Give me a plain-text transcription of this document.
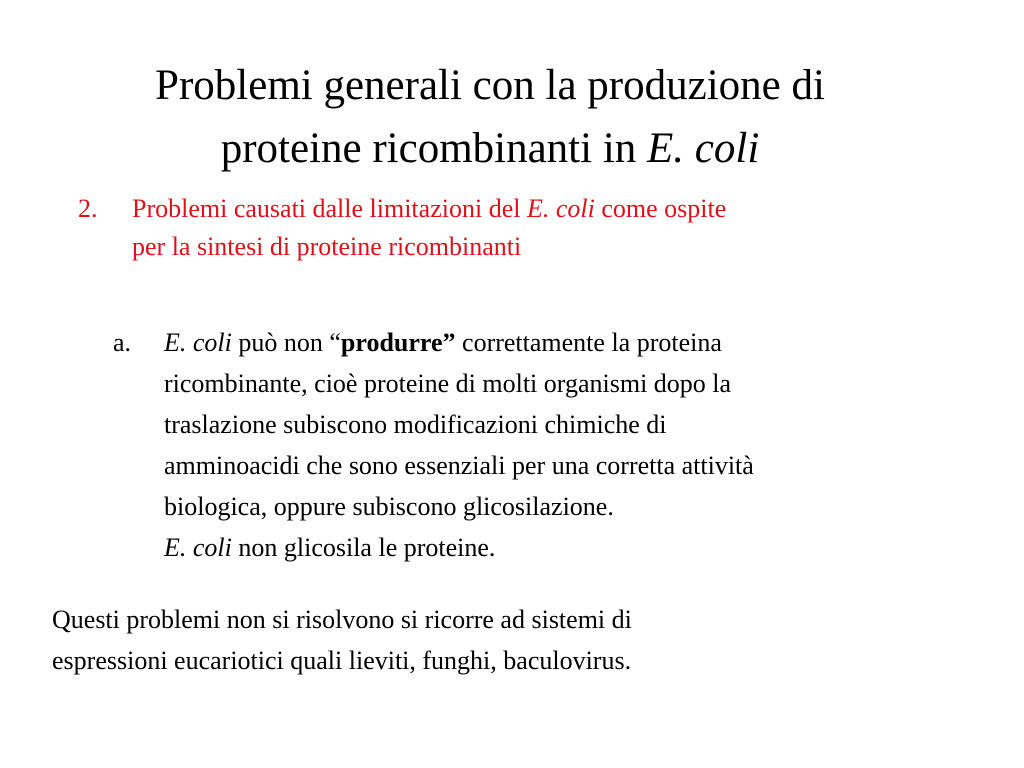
Problemi generali con la produzione di
proteine ricombinanti in E. coli
2.	Problemi causati dalle limitazioni del E. coli come ospite
per la sintesi di proteine ricombinanti
a.	E. coli può non “produrre” correttamente la proteina
ricombinante, cioè proteine di molti organismi dopo la
traslazione subiscono modificazioni chimiche di
amminoacidi che sono essenziali per una corretta attività
biologica, oppure subiscono glicosilazione.
E. coli non glicosila le proteine.
Questi problemi non si risolvono si ricorre ad sistemi di
espressioni eucariotici quali lieviti, funghi, baculovirus.
